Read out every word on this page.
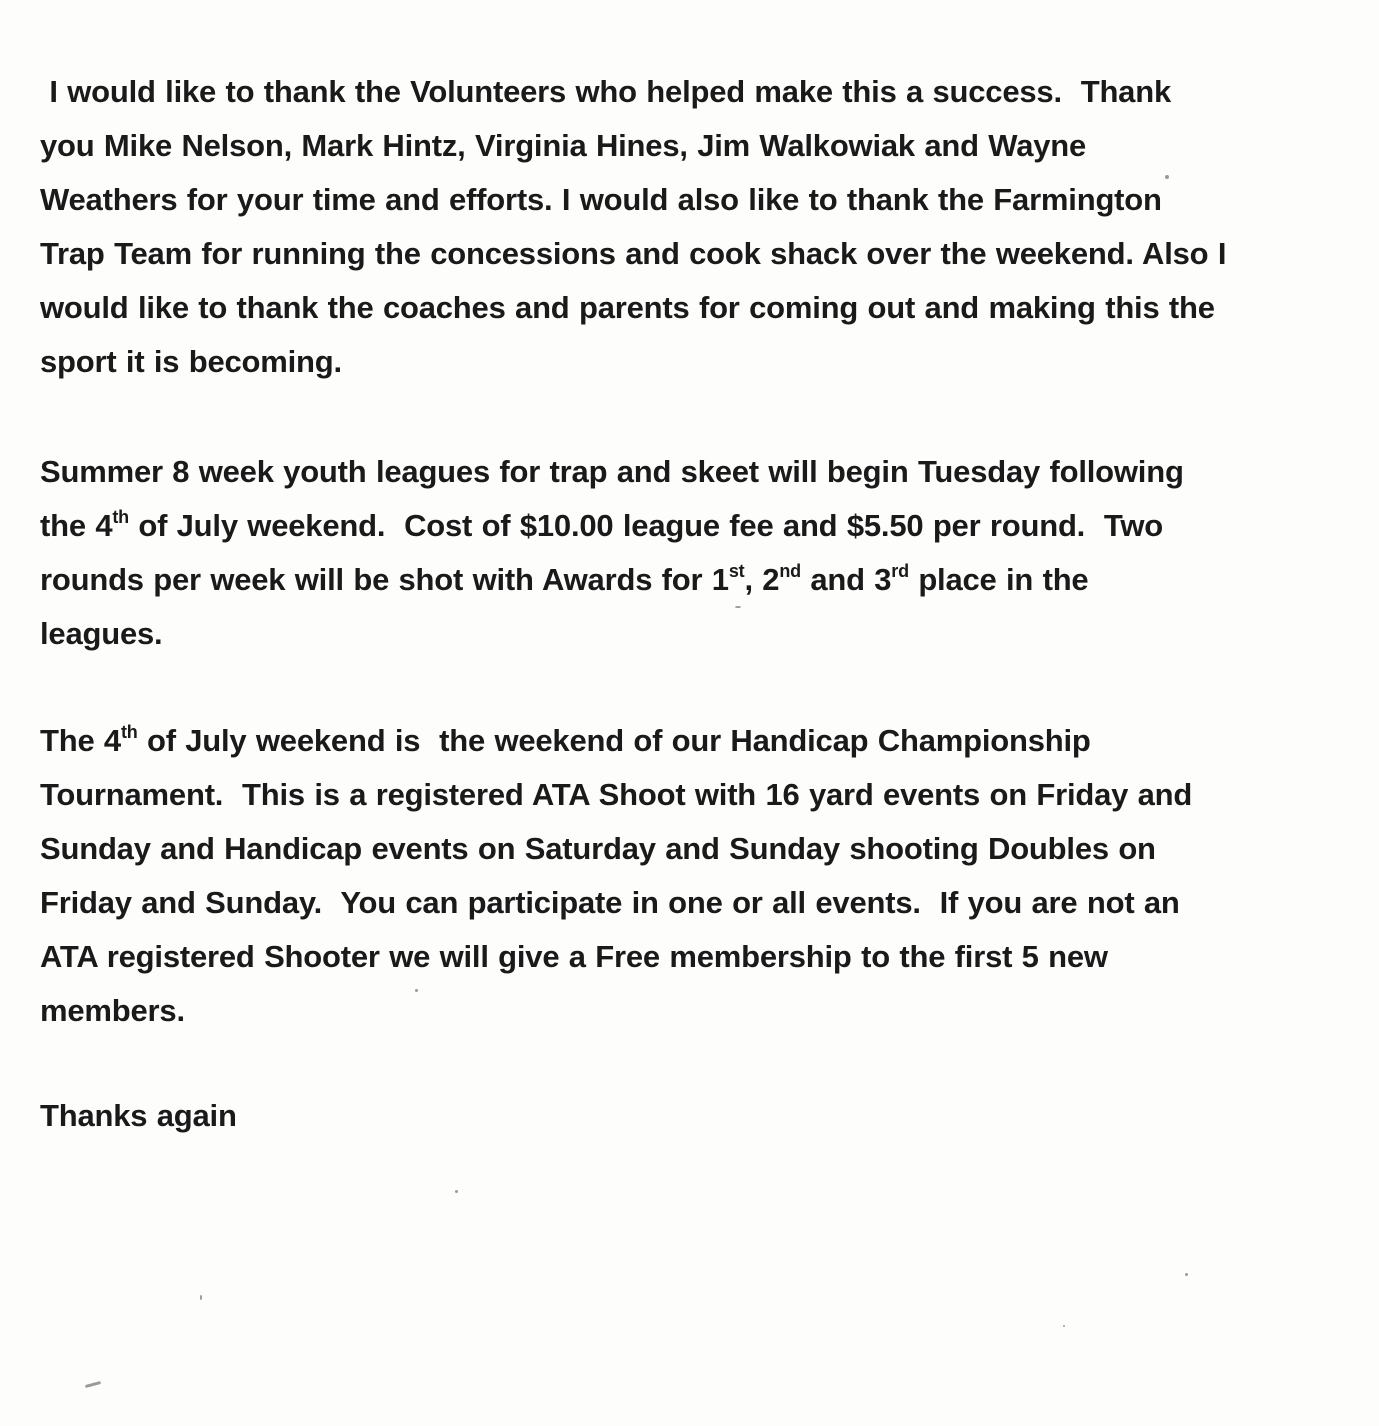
I would like to thank the Volunteers who helped make this a success.  Thank
you Mike Nelson, Mark Hintz, Virginia Hines, Jim Walkowiak and Wayne
Weathers for your time and efforts. I would also like to thank the Farmington
Trap Team for running the concessions and cook shack over the weekend. Also I
would like to thank the coaches and parents for coming out and making this the
sport it is becoming.
Summer 8 week youth leagues for trap and skeet will begin Tuesday following
the 4th of July weekend.  Cost of $10.00 league fee and $5.50 per round.  Two
rounds per week will be shot with Awards for 1st, 2nd and 3rd place in the
leagues.
The 4th of July weekend is  the weekend of our Handicap Championship
Tournament.  This is a registered ATA Shoot with 16 yard events on Friday and
Sunday and Handicap events on Saturday and Sunday shooting Doubles on
Friday and Sunday.  You can participate in one or all events.  If you are not an
ATA registered Shooter we will give a Free membership to the first 5 new
members.
Thanks again
